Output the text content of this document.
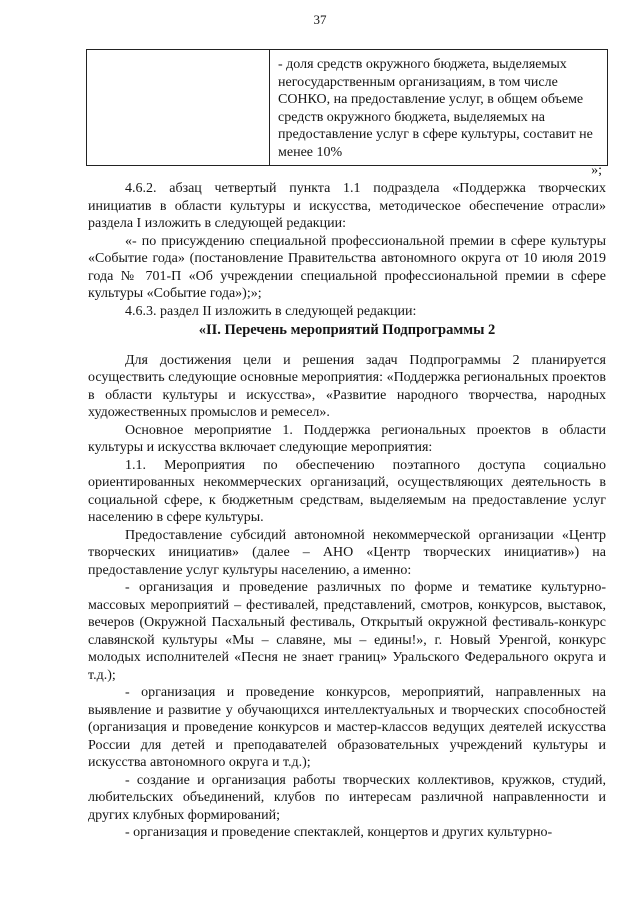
37
	- доля средств окружного бюджета, выделяемых негосударственным организациям, в том числе СОНКО, на предоставление услуг, в общем объеме средств окружного бюджета, выделяемых на предоставление услуг в сфере культуры, составит не менее 10%
»;

4.6.2. абзац четвертый пункта 1.1 подраздела «Поддержка творческих инициатив в области культуры и искусства, методическое обеспечение отрасли» раздела I изложить в следующей редакции:

«- по присуждению специальной профессиональной премии в сфере культуры «Событие года» (постановление Правительства автономного округа от 10 июля 2019 года № 701-П «Об учреждении специальной профессиональной премии в сфере культуры «Событие года»);»;

4.6.3. раздел II изложить в следующей редакции:

«II. Перечень мероприятий Подпрограммы 2

Для достижения цели и решения задач Подпрограммы 2 планируется осуществить следующие основные мероприятия: «Поддержка региональных проектов в области культуры и искусства», «Развитие народного творчества, народных художественных промыслов и ремесел».

Основное мероприятие 1. Поддержка региональных проектов в области культуры и искусства включает следующие мероприятия:

1.1. Мероприятия по обеспечению поэтапного доступа социально ориентированных некоммерческих организаций, осуществляющих деятельность в социальной сфере, к бюджетным средствам, выделяемым на предоставление услуг населению в сфере культуры.

Предоставление субсидий автономной некоммерческой организации «Центр творческих инициатив» (далее – АНО «Центр творческих инициатив») на предоставление услуг культуры населению, а именно:

- организация и проведение различных по форме и тематике культурно-массовых мероприятий – фестивалей, представлений, смотров, конкурсов, выставок, вечеров (Окружной Пасхальный фестиваль, Открытый окружной фестиваль-конкурс славянской культуры «Мы – славяне, мы – едины!», г. Новый Уренгой, конкурс молодых исполнителей «Песня не знает границ» Уральского Федерального округа и т.д.);

- организация и проведение конкурсов, мероприятий, направленных на выявление и развитие у обучающихся интеллектуальных и творческих способностей (организация и проведение конкурсов и мастер-классов ведущих деятелей искусства России для детей и преподавателей образовательных учреждений культуры и искусства автономного округа и т.д.);

- создание и организация работы творческих коллективов, кружков, студий, любительских объединений, клубов по интересам различной направленности и других клубных формирований;

- организация и проведение спектаклей, концертов и других культурно-
